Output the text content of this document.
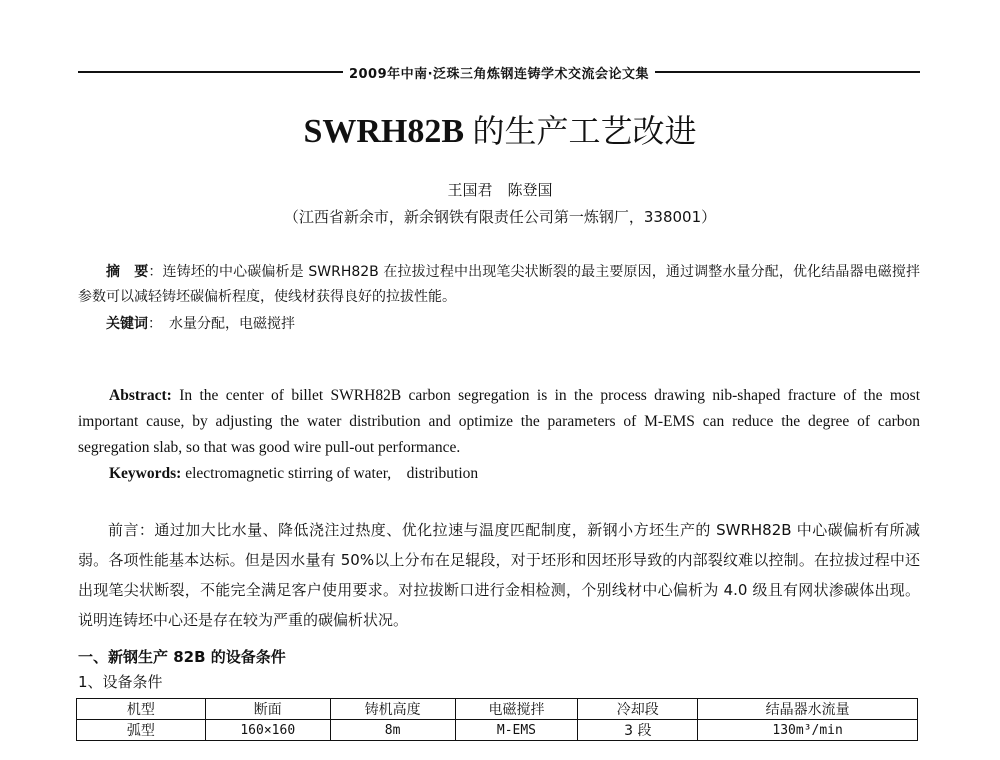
2009年中南·泛珠三角炼钢连铸学术交流会论文集
SWRH82B 的生产工艺改进
王国君　陈登国
（江西省新余市，新余钢铁有限责任公司第一炼钢厂，338001）
摘　要：连铸坯的中心碳偏析是 SWRH82B 在拉拔过程中出现笔尖状断裂的最主要原因，通过调整水量分配，优化结晶器电磁搅拌参数可以减轻铸坯碳偏析程度，使线材获得良好的拉拔性能。
关键词：　水量分配，电磁搅拌
Abstract: In the center of billet SWRH82B carbon segregation is in the process drawing nib-shaped fracture of the most important cause, by adjusting the water distribution and optimize the parameters of M-EMS can reduce the degree of carbon segregation slab, so that was good wire pull-out performance.
Keywords: electromagnetic stirring of water,　distribution
前言：通过加大比水量、降低浇注过热度、优化拉速与温度匹配制度，新钢小方坯生产的 SWRH82B 中心碳偏析有所减弱。各项性能基本达标。但是因水量有 50%以上分布在足辊段，对于坯形和因坯形导致的内部裂纹难以控制。在拉拔过程中还出现笔尖状断裂，不能完全满足客户使用要求。对拉拔断口进行金相检测，个别线材中心偏析为 4.0 级且有网状渗碳体出现。说明连铸坯中心还是存在较为严重的碳偏析状况。
一、新钢生产 82B 的设备条件
1、设备条件
机型	断面	铸机高度	电磁搅拌	冷却段	结晶器水流量
弧型	160×160	8m	M-EMS	3 段	130m³/min
